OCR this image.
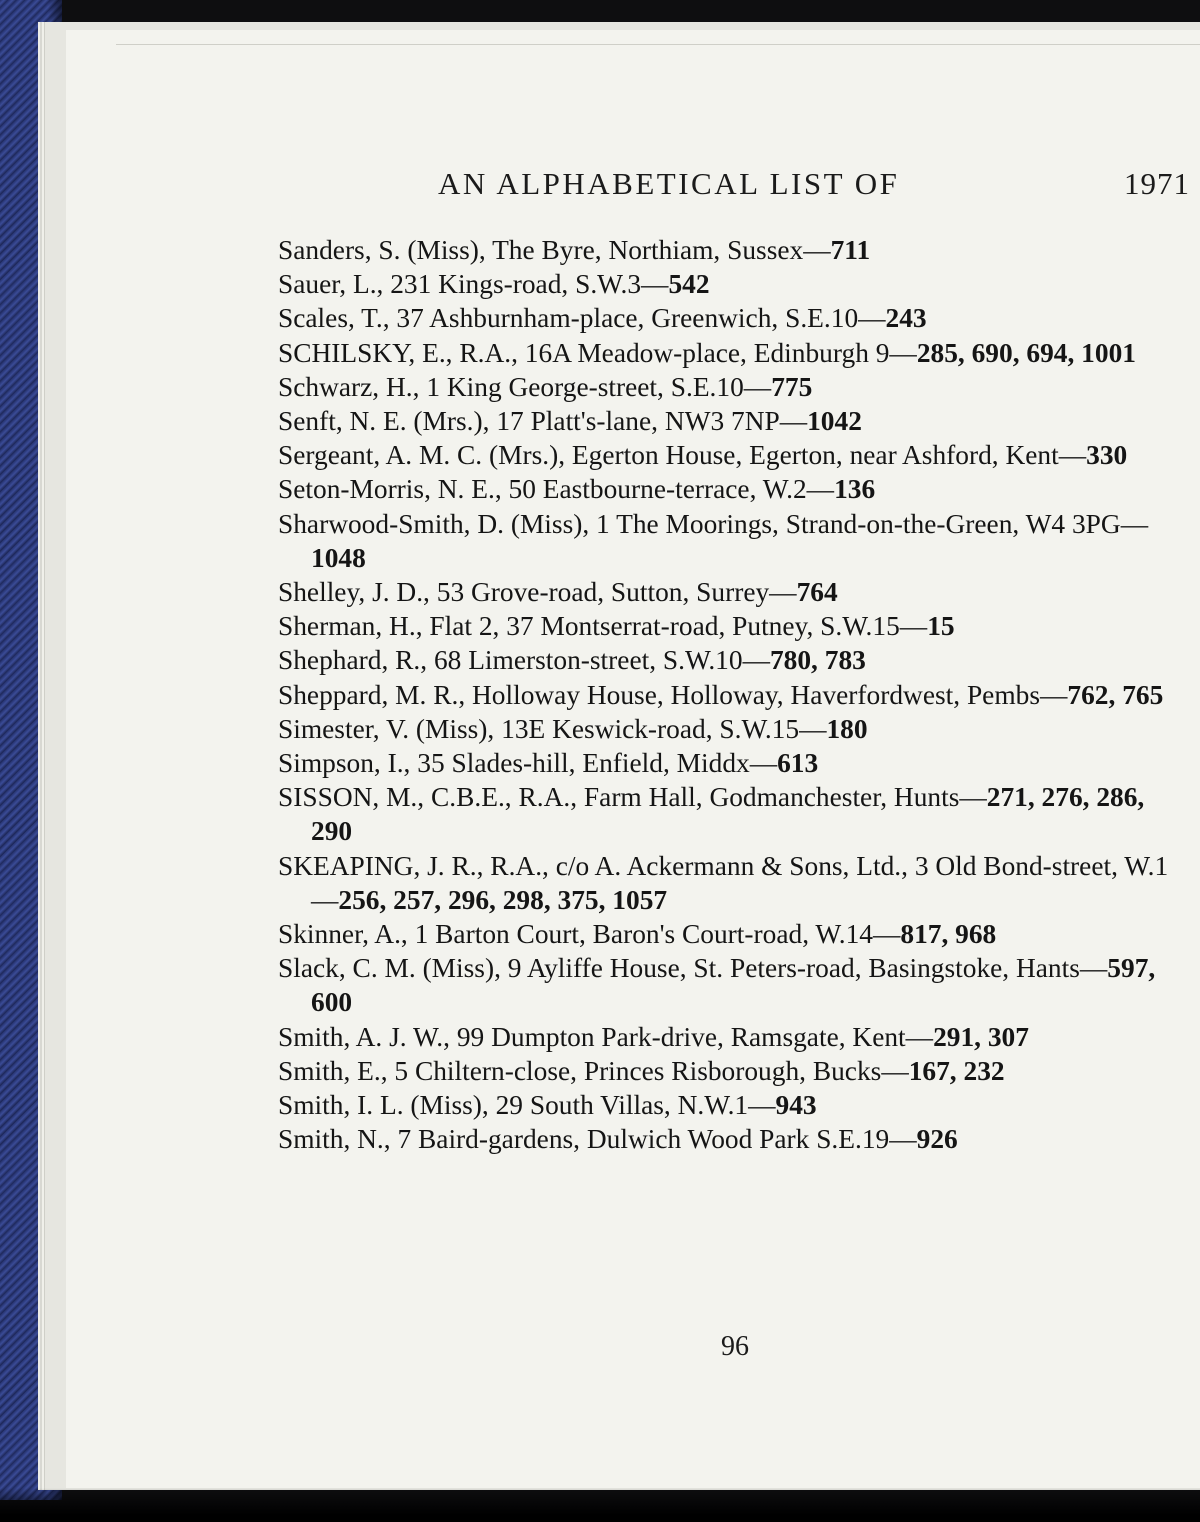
AN ALPHABETICAL LIST OF	1971
Sanders, S. (Miss), The Byre, Northiam, Sussex—711
Sauer, L., 231 Kings-road, S.W.3—542
Scales, T., 37 Ashburnham-place, Greenwich, S.E.10—243
SCHILSKY, E., R.A., 16A Meadow-place, Edinburgh 9—285, 690, 694, 1001
Schwarz, H., 1 King George-street, S.E.10—775
Senft, N. E. (Mrs.), 17 Platt's-lane, NW3 7NP—1042
Sergeant, A. M. C. (Mrs.), Egerton House, Egerton, near Ashford, Kent—330
Seton-Morris, N. E., 50 Eastbourne-terrace, W.2—136
Sharwood-Smith, D. (Miss), 1 The Moorings, Strand-on-the-Green, W4 3PG—1048
Shelley, J. D., 53 Grove-road, Sutton, Surrey—764
Sherman, H., Flat 2, 37 Montserrat-road, Putney, S.W.15—15
Shephard, R., 68 Limerston-street, S.W.10—780, 783
Sheppard, M. R., Holloway House, Holloway, Haverfordwest, Pembs—762, 765
Simester, V. (Miss), 13E Keswick-road, S.W.15—180
Simpson, I., 35 Slades-hill, Enfield, Middx—613
SISSON, M., C.B.E., R.A., Farm Hall, Godmanchester, Hunts—271, 276, 286, 290
SKEAPING, J. R., R.A., c/o A. Ackermann & Sons, Ltd., 3 Old Bond-street, W.1—256, 257, 296, 298, 375, 1057
Skinner, A., 1 Barton Court, Baron's Court-road, W.14—817, 968
Slack, C. M. (Miss), 9 Ayliffe House, St. Peters-road, Basingstoke, Hants—597, 600
Smith, A. J. W., 99 Dumpton Park-drive, Ramsgate, Kent—291, 307
Smith, E., 5 Chiltern-close, Princes Risborough, Bucks—167, 232
Smith, I. L. (Miss), 29 South Villas, N.W.1—943
Smith, N., 7 Baird-gardens, Dulwich Wood Park S.E.19—926
96
